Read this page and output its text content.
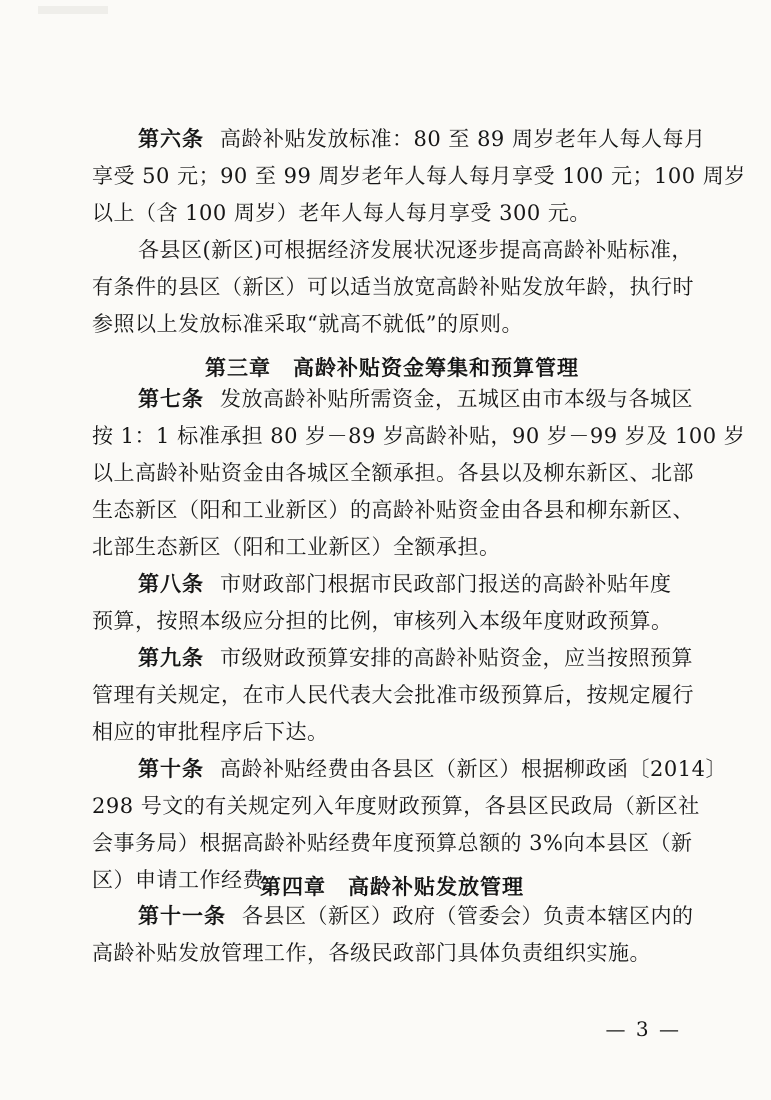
第六条 高龄补贴发放标准：80 至 89 周岁老年人每人每月
享受 50 元；90 至 99 周岁老年人每人每月享受 100 元；100 周岁
以上（含 100 周岁）老年人每人每月享受 300 元。
各县区(新区)可根据经济发展状况逐步提高高龄补贴标准，
有条件的县区（新区）可以适当放宽高龄补贴发放年龄，执行时
参照以上发放标准采取“就高不就低”的原则。
第三章　高龄补贴资金筹集和预算管理
第七条 发放高龄补贴所需资金，五城区由市本级与各城区
按 1：1 标准承担 80 岁－89 岁高龄补贴，90 岁－99 岁及 100 岁
以上高龄补贴资金由各城区全额承担。各县以及柳东新区、北部
生态新区（阳和工业新区）的高龄补贴资金由各县和柳东新区、
北部生态新区（阳和工业新区）全额承担。
第八条 市财政部门根据市民政部门报送的高龄补贴年度
预算，按照本级应分担的比例，审核列入本级年度财政预算。
第九条 市级财政预算安排的高龄补贴资金，应当按照预算
管理有关规定，在市人民代表大会批准市级预算后，按规定履行
相应的审批程序后下达。
第十条 高龄补贴经费由各县区（新区）根据柳政函〔2014〕
298 号文的有关规定列入年度财政预算，各县区民政局（新区社
会事务局）根据高龄补贴经费年度预算总额的 3%向本县区（新
区）申请工作经费。
第四章　高龄补贴发放管理
第十一条 各县区（新区）政府（管委会）负责本辖区内的
高龄补贴发放管理工作，各级民政部门具体负责组织实施。
— 3 —
